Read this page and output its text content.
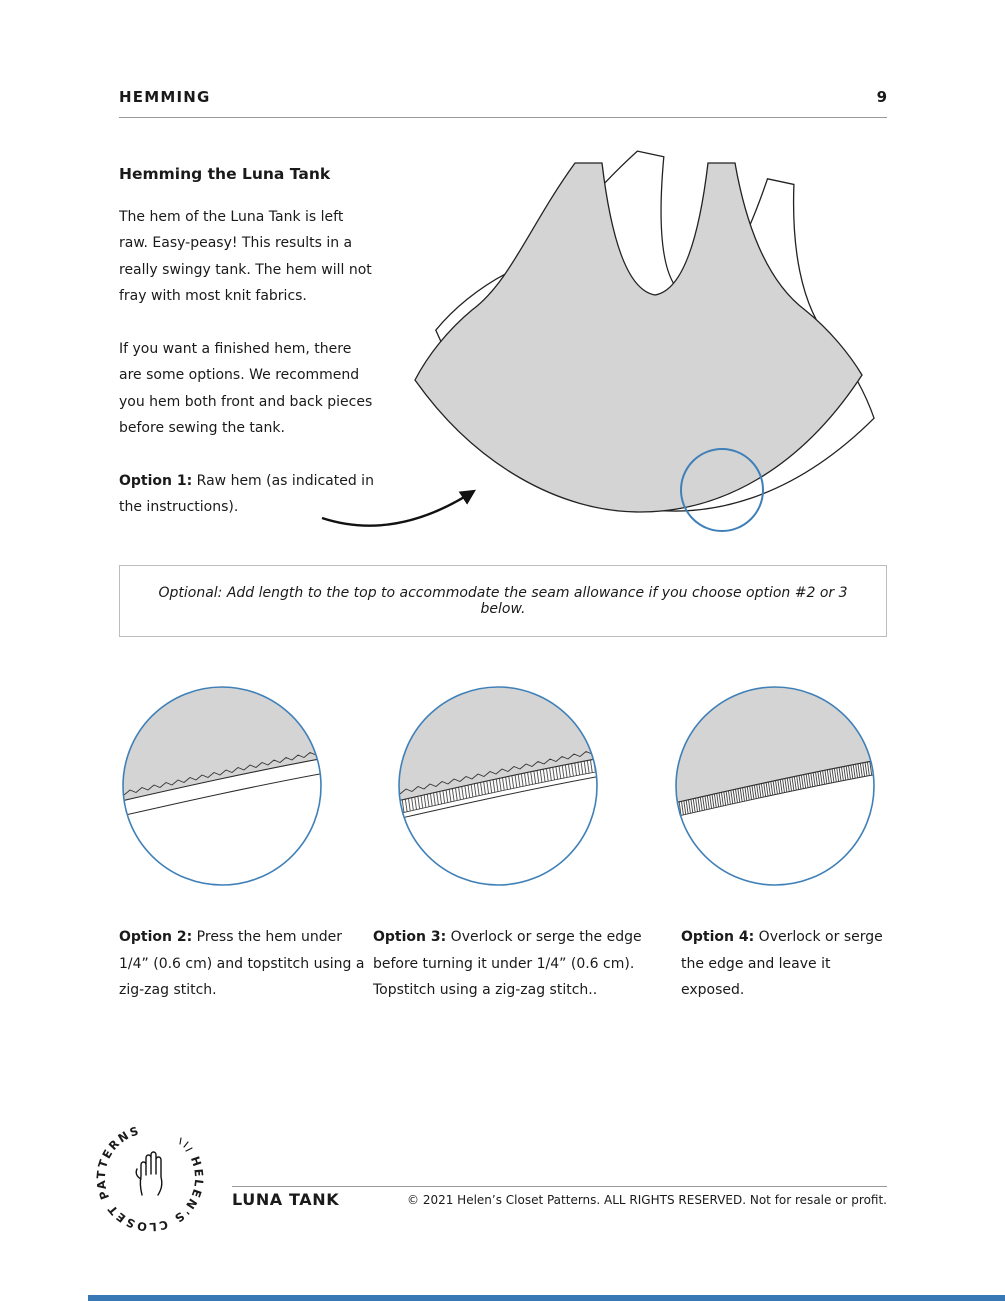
HEMMING	9
Hemming the Luna Tank

The hem of the Luna Tank is left raw. Easy-peasy! This results in a really swingy tank. The hem will not fray with most knit fabrics.

If you want a finished hem, there are some options. We recommend you hem both front and back pieces before sewing the tank.

Option 1: Raw hem (as indicated in the instructions).

Optional: Add length to the top to accommodate the seam allowance if you choose option #2 or 3 below.
Option 2: Press the hem under 1/4” (0.6 cm) and topstitch using a zig-zag stitch.
Option 3: Overlock or serge the edge before turning it under 1/4” (0.6 cm). Topstitch using a zig-zag stitch..
Option 4: Overlock or serge the edge and leave it exposed.
HELEN'S CLOSET PATTERNS
LUNA TANK	© 2021 Helen’s Closet Patterns. ALL RIGHTS RESERVED. Not for resale or profit.
